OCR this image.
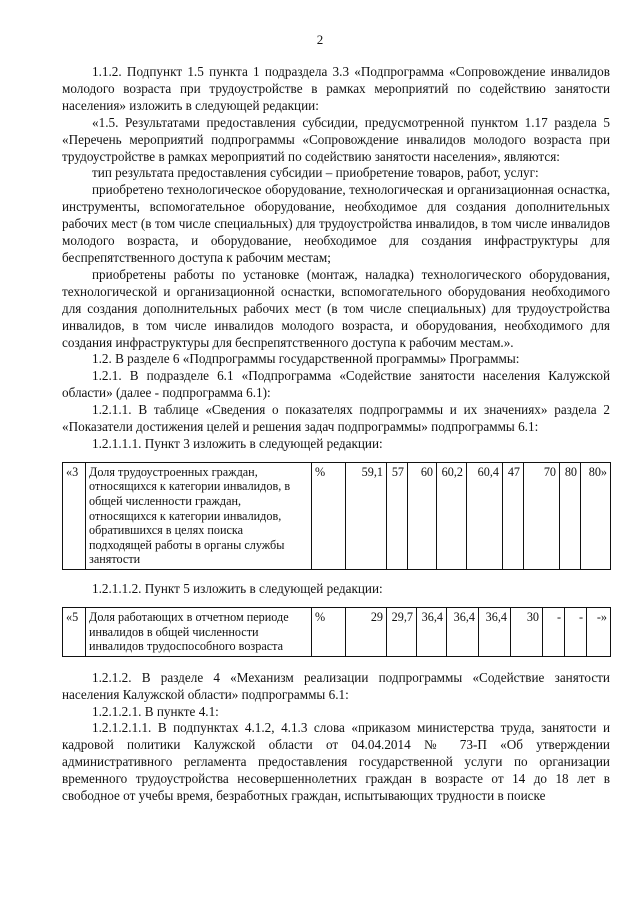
2

1.1.2. Подпункт 1.5 пункта 1 подраздела 3.3 «Подпрограмма «Сопровождение инвалидов молодого возраста при трудоустройстве в рамках мероприятий по содействию занятости населения» изложить в следующей редакции:

«1.5. Результатами предоставления субсидии, предусмотренной пунктом 1.17 раздела 5 «Перечень мероприятий подпрограммы «Сопровождение инвалидов молодого возраста при трудоустройстве в рамках мероприятий по содействию занятости населения», являются:

тип результата предоставления субсидии – приобретение товаров, работ, услуг:

приобретено технологическое оборудование, технологическая и организационная оснастка, инструменты, вспомогательное оборудование, необходимое для создания дополнительных рабочих мест (в том числе специальных) для трудоустройства инвалидов, в том числе инвалидов молодого возраста, и оборудование, необходимое для создания инфраструктуры для беспрепятственного доступа к рабочим местам;

приобретены работы по установке (монтаж, наладка) технологического оборудования, технологической и организационной оснастки, вспомогательного оборудования необходимого для создания дополнительных рабочих мест (в том числе специальных) для трудоустройства инвалидов, в том числе инвалидов молодого возраста, и оборудования, необходимого для создания инфраструктуры для беспрепятственного доступа к рабочим местам.».

1.2. В разделе 6 «Подпрограммы государственной программы» Программы:

1.2.1. В подразделе 6.1 «Подпрограмма «Содействие занятости населения Калужской области» (далее - подпрограмма 6.1):

1.2.1.1. В таблице «Сведения о показателях подпрограммы и их значениях» раздела 2 «Показатели достижения целей и решения задач подпрограммы» подпрограммы 6.1:

1.2.1.1.1. Пункт 3 изложить в следующей редакции:

«3	Доля трудоустроенных граждан, относящихся к категории инвалидов, в общей численности граждан, относящихся к категории инвалидов, обратившихся в целях поиска подходящей работы в органы службы занятости	%	59,1	57	60	60,2	60,4	47	70	80	80»

1.2.1.1.2. Пункт 5 изложить в следующей редакции:

«5	Доля работающих в отчетном периоде инвалидов в общей численности инвалидов трудоспособного возраста	%	29	29,7	36,4	36,4	36,4	30	-	-	-»

1.2.1.2. В разделе 4 «Механизм реализации подпрограммы «Содействие занятости населения Калужской области» подпрограммы 6.1:

1.2.1.2.1. В пункте 4.1:

1.2.1.2.1.1. В подпунктах 4.1.2, 4.1.3 слова «приказом министерства труда, занятости и кадровой политики Калужской области от 04.04.2014 № 73-П «Об утверждении административного регламента предоставления государственной услуги по организации временного трудоустройства несовершеннолетних граждан в возрасте от 14 до 18 лет в свободное от учебы время, безработных граждан, испытывающих трудности в поиске
